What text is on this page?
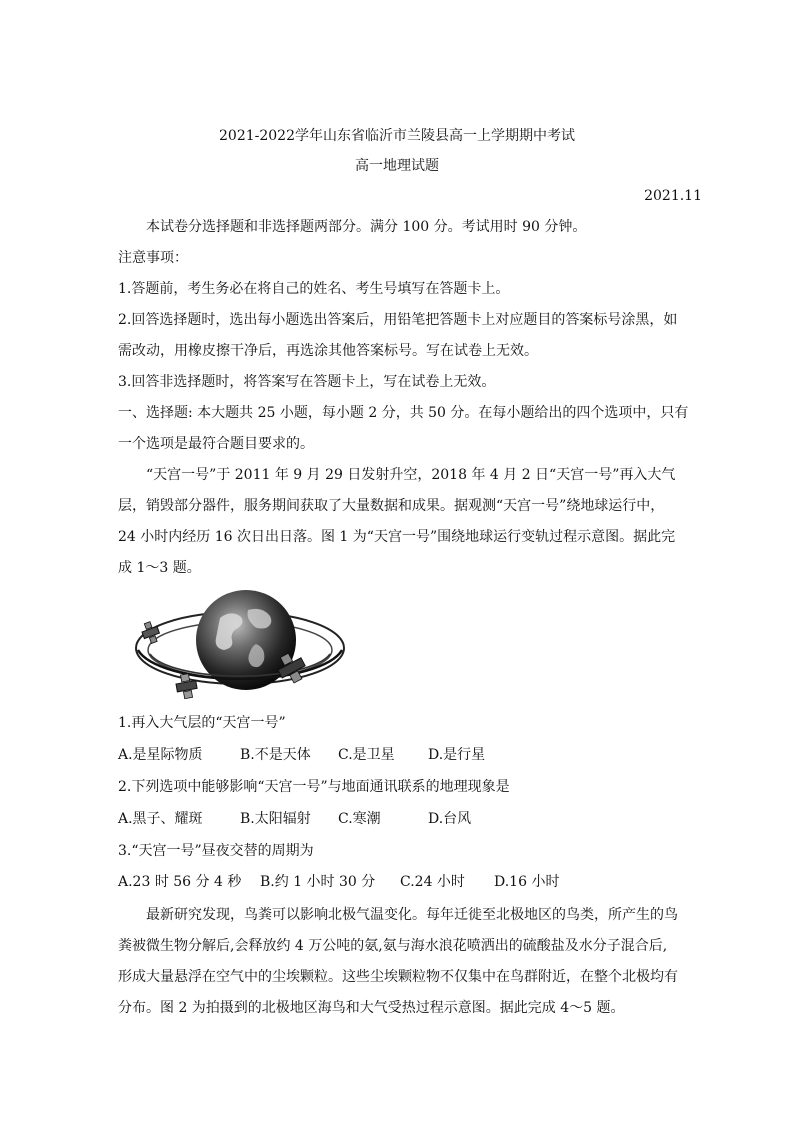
2021-2022学年山东省临沂市兰陵县高一上学期期中考试
高一地理试题
2021.11
本试卷分选择题和非选择题两部分。满分 100 分。考试用时 90 分钟。
注意事项：
1.答题前，考生务必在将自己的姓名、考生号填写在答题卡上。
2.回答选择题时，选出每小题选出答案后，用铅笔把答题卡上对应题目的答案标号涂黑，如
需改动，用橡皮擦干净后，再选涂其他答案标号。写在试卷上无效。
3.回答非选择题时，将答案写在答题卡上，写在试卷上无效。
一、选择题: 本大题共 25 小题，每小题 2 分，共 50 分。在每小题给出的四个选项中，只有
一个选项是最符合题目要求的。
“天宫一号”于 2011 年 9 月 29 日发射升空，2018 年 4 月 2 日“天宫一号”再入大气
层，销毁部分器件，服务期间获取了大量数据和成果。据观测“天宫一号”绕地球运行中，
24 小时内经历 16 次日出日落。图 1 为“天宫一号”围绕地球运行变轨过程示意图。据此完
成 1～3 题。
1.再入大气层的“天宫一号”
A.是星际物质	B.不是天体	C.是卫星	D.是行星
2.下列选项中能够影响“天宫一号”与地面通讯联系的地理现象是
A.黑子、耀斑	B.太阳辐射	C.寒潮	D.台风
3.“天宫一号”昼夜交替的周期为
A.23 时 56 分 4 秒	B.约 1 小时 30 分	C.24 小时	D.16 小时
最新研究发现，鸟粪可以影响北极气温变化。每年迁徙至北极地区的鸟类，所产生的鸟
粪被微生物分解后,会释放约 4 万公吨的氨,氨与海水浪花喷洒出的硫酸盐及水分子混合后,
形成大量悬浮在空气中的尘埃颗粒。这些尘埃颗粒物不仅集中在鸟群附近，在整个北极均有
分布。图 2 为拍摄到的北极地区海鸟和大气受热过程示意图。据此完成 4～5 题。
